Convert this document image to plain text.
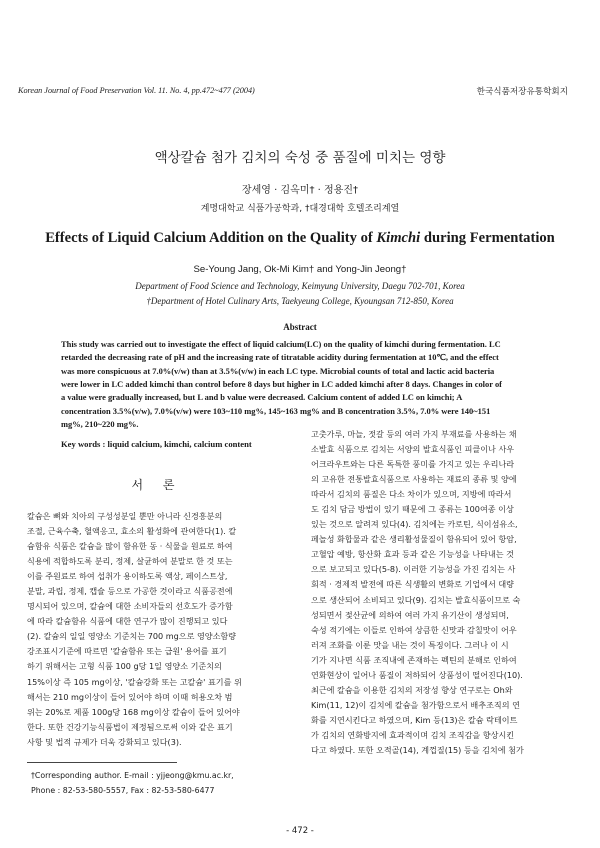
Korean Journal of Food Preservation Vol. 11. No. 4, pp.472~477 (2004)	한국식품저장유통학회지
액상칼슘 첨가 김치의 숙성 중 품질에 미치는 영향
장세영 · 김옥미† · 정용진†
계명대학교 식품가공학과, †대경대학 호텔조리계열
Effects of Liquid Calcium Addition on the Quality of Kimchi during Fermentation
Se-Young Jang, Ok-Mi Kim† and Yong-Jin Jeong†
Department of Food Science and Technology, Keimyung University, Daegu 702-701, Korea
†Department of Hotel Culinary Arts, Taekyeung College, Kyoungsan 712-850, Korea
Abstract

This study was carried out to investigate the effect of liquid calcium(LC) on the quality of kimchi during fermentation. LC

retarded the decreasing rate of pH and the increasing rate of titratable acidity during fermentation at 10℃, and the effect

was more conspicuous at 7.0%(v/w) than at 3.5%(v/w) in each LC type. Microbial counts of total and lactic acid bacteria

were lower in LC added kimchi than control before 8 days but higher in LC added kimchi after 8 days. Changes in color of

a value were gradually increased, but L and b value were decreased. Calcium content of added LC on kimchi; A

concentration 3.5%(v/w), 7.0%(v/w) were 103~110 mg%, 145~163 mg% and B concentration 3.5%, 7.0% were 140~151

mg%, 210~220 mg%.

Key words : liquid calcium, kimchi, calcium content
서 론

칼슘은 뼈와 치아의 구성성분일 뿐만 아니라 신경흥분의

조절, 근육수축, 혈액응고, 효소의 활성화에 관여한다(1). 칼

슘함유 식품은 칼슘을 많이 함유한 동 · 식물을 원료로 하여

식용에 적합하도록 분리, 정제, 살균하여 분말로 한 것 또는

이를 주원료로 하여 섭취가 용이하도록 액상, 페이스트상,

분말, 과립, 정제, 캡슐 등으로 가공한 것이라고 식품공전에

명시되어 있으며, 칼슘에 대한 소비자들의 선호도가 증가함

에 따라 칼슘함유 식품에 대한 연구가 많이 진행되고 있다

(2). 칼슘의 일일 영양소 기준치는 700 mg으로 영양소함량

강조표시기준에 따르면 '칼슘함유 또는 급원' 용어를 표기

하기 위해서는 고형 식품 100 g당 1일 영양소 기준치의

15%이상 즉 105 mg이상, '칼슘강화 또는 고칼슘' 표기를 위

해서는 210 mg이상이 들어 있어야 하며 이때 허용오차 범

위는 20%로 제품 100g당 168 mg이상 칼슘이 들어 있어야

한다. 또한 건강기능식품법이 제정됨으로써 이와 같은 표기

사항 및 법적 규제가 더욱 강화되고 있다(3).

고춧가루, 마늘, 젓갈 등의 여러 가지 부재료를 사용하는 채

소발효 식품으로 김치는 서양의 발효식품인 피클이나 사우

어크라우트와는 다른 독특한 풍미를 가지고 있는 우리나라

의 고유한 전통발효식품으로 사용하는 재료의 종류 및 양에

따라서 김치의 품질은 다소 차이가 있으며, 지방에 따라서

도 김치 담금 방법이 있기 때문에 그 종류는 100여종 이상

있는 것으로 알려져 있다(4). 김치에는 카로틴, 식이섬유소,

페놀성 화합물과 같은 생리활성물질이 함유되어 있어 항암,

고혈압 예방, 항산화 효과 등과 같은 기능성을 나타내는 것

으로 보고되고 있다(5-8). 이러한 기능성을 가진 김치는 사

회적 · 경제적 발전에 따른 식생활의 변화로 기업에서 대량

으로 생산되어 소비되고 있다(9). 김치는 발효식품이므로 숙

성되면서 젖산균에 의하여 여러 가지 유기산이 생성되며,

숙성 적기에는 이들로 인하여 상큼한 신맛과 감칠맛이 어우

러져 조화를 이룬 맛을 내는 것이 특징이다. 그러나 이 시

기가 지나면 식품 조직내에 존재하는 펙틴의 분해로 인하여

연화현상이 일어나 품질이 저하되어 상품성이 떨어진다(10).

최근에 칼슘을 이용한 김치의 저장성 향상 연구로는 Oh와

Kim(11, 12)이 김치에 칼슘을 첨가함으로서 배추조직의 연

화를 지연시킨다고 하였으며, Kim 등(13)은 칼슘 락테이트

가 김치의 연화방지에 효과적이며 김치 조직감을 향상시킨

다고 하였다. 또한 오적골(14), 계껍질(15) 등을 김치에 첨가

†Corresponding author. E-mail : yjjeong@kmu.ac.kr,

Phone : 82-53-580-5557, Fax : 82-53-580-6477

- 472 -
